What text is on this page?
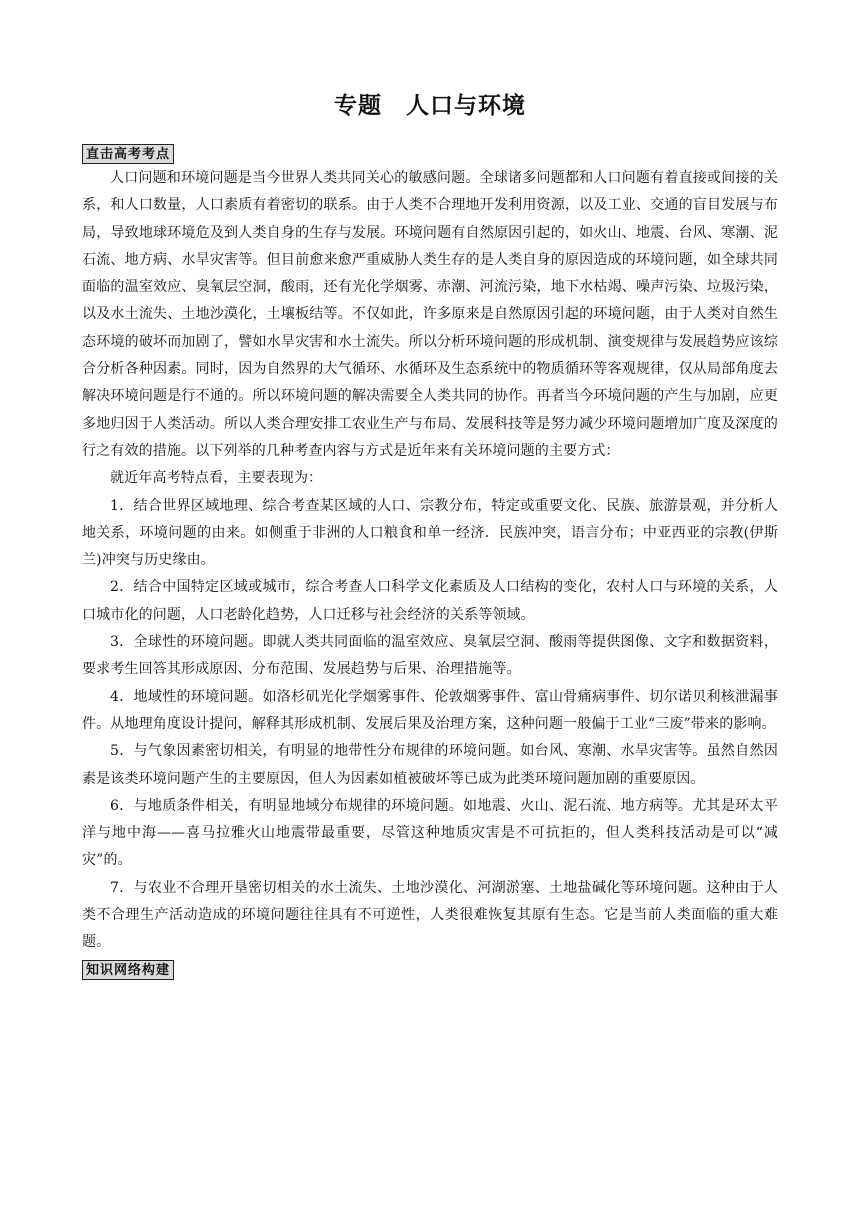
专题　人口与环境
直击高考考点

人口问题和环境问题是当今世界人类共同关心的敏感问题。全球诸多问题都和人口问题有着直接或间接的关系，和人口数量，人口素质有着密切的联系。由于人类不合理地开发利用资源，以及工业、交通的盲目发展与布局，导致地球环境危及到人类自身的生存与发展。环境问题有自然原因引起的，如火山、地震、台风、寒潮、泥石流、地方病、水旱灾害等。但目前愈来愈严重威胁人类生存的是人类自身的原因造成的环境问题，如全球共同面临的温室效应、臭氧层空洞，酸雨，还有光化学烟雾、赤潮、河流污染，地下水枯竭、噪声污染、垃圾污染，以及水土流失、土地沙漠化，土壤板结等。不仅如此，许多原来是自然原因引起的环境问题，由于人类对自然生态环境的破坏而加剧了，譬如水旱灾害和水土流失。所以分析环境问题的形成机制、演变规律与发展趋势应该综合分析各种因素。同时，因为自然界的大气循环、水循环及生态系统中的物质循环等客观规律，仅从局部角度去解决环境问题是行不通的。所以环境问题的解决需要全人类共同的协作。再者当今环境问题的产生与加剧，应更多地归因于人类活动。所以人类合理安排工农业生产与布局、发展科技等是努力减少环境问题增加广度及深度的行之有效的措施。以下列举的几种考查内容与方式是近年来有关环境问题的主要方式：

就近年高考特点看，主要表现为：

1．结合世界区域地理、综合考查某区域的人口、宗教分布，特定或重要文化、民族、旅游景观，并分析人地关系，环境问题的由来。如侧重于非洲的人口粮食和单一经济．民族冲突，语言分布；中亚西亚的宗教(伊斯兰)冲突与历史缘由。

2．结合中国特定区域或城市，综合考查人口科学文化素质及人口结构的变化，农村人口与环境的关系，人口城市化的问题，人口老龄化趋势，人口迁移与社会经济的关系等领域。

3．全球性的环境问题。即就人类共同面临的温室效应、臭氧层空洞、酸雨等提供图像、文字和数据资料，要求考生回答其形成原因、分布范围、发展趋势与后果、治理措施等。

4．地域性的环境问题。如洛杉矶光化学烟雾事件、伦敦烟雾事件、富山骨痛病事件、切尔诺贝利核泄漏事件。从地理角度设计提问，解释其形成机制、发展后果及治理方案，这种问题一般偏于工业“三废”带来的影响。

5．与气象因素密切相关，有明显的地带性分布规律的环境问题。如台风、寒潮、水旱灾害等。虽然自然因素是该类环境问题产生的主要原因，但人为因素如植被破坏等已成为此类环境问题加剧的重要原因。

6．与地质条件相关，有明显地域分布规律的环境问题。如地震、火山、泥石流、地方病等。尤其是环太平洋与地中海——喜马拉雅火山地震带最重要，尽管这种地质灾害是不可抗拒的，但人类科技活动是可以“减灾”的。

7．与农业不合理开垦密切相关的水土流失、土地沙漠化、河湖淤塞、土地盐碱化等环境问题。这种由于人类不合理生产活动造成的环境问题往往具有不可逆性，人类很难恢复其原有生态。它是当前人类面临的重大难题。

知识网络构建
